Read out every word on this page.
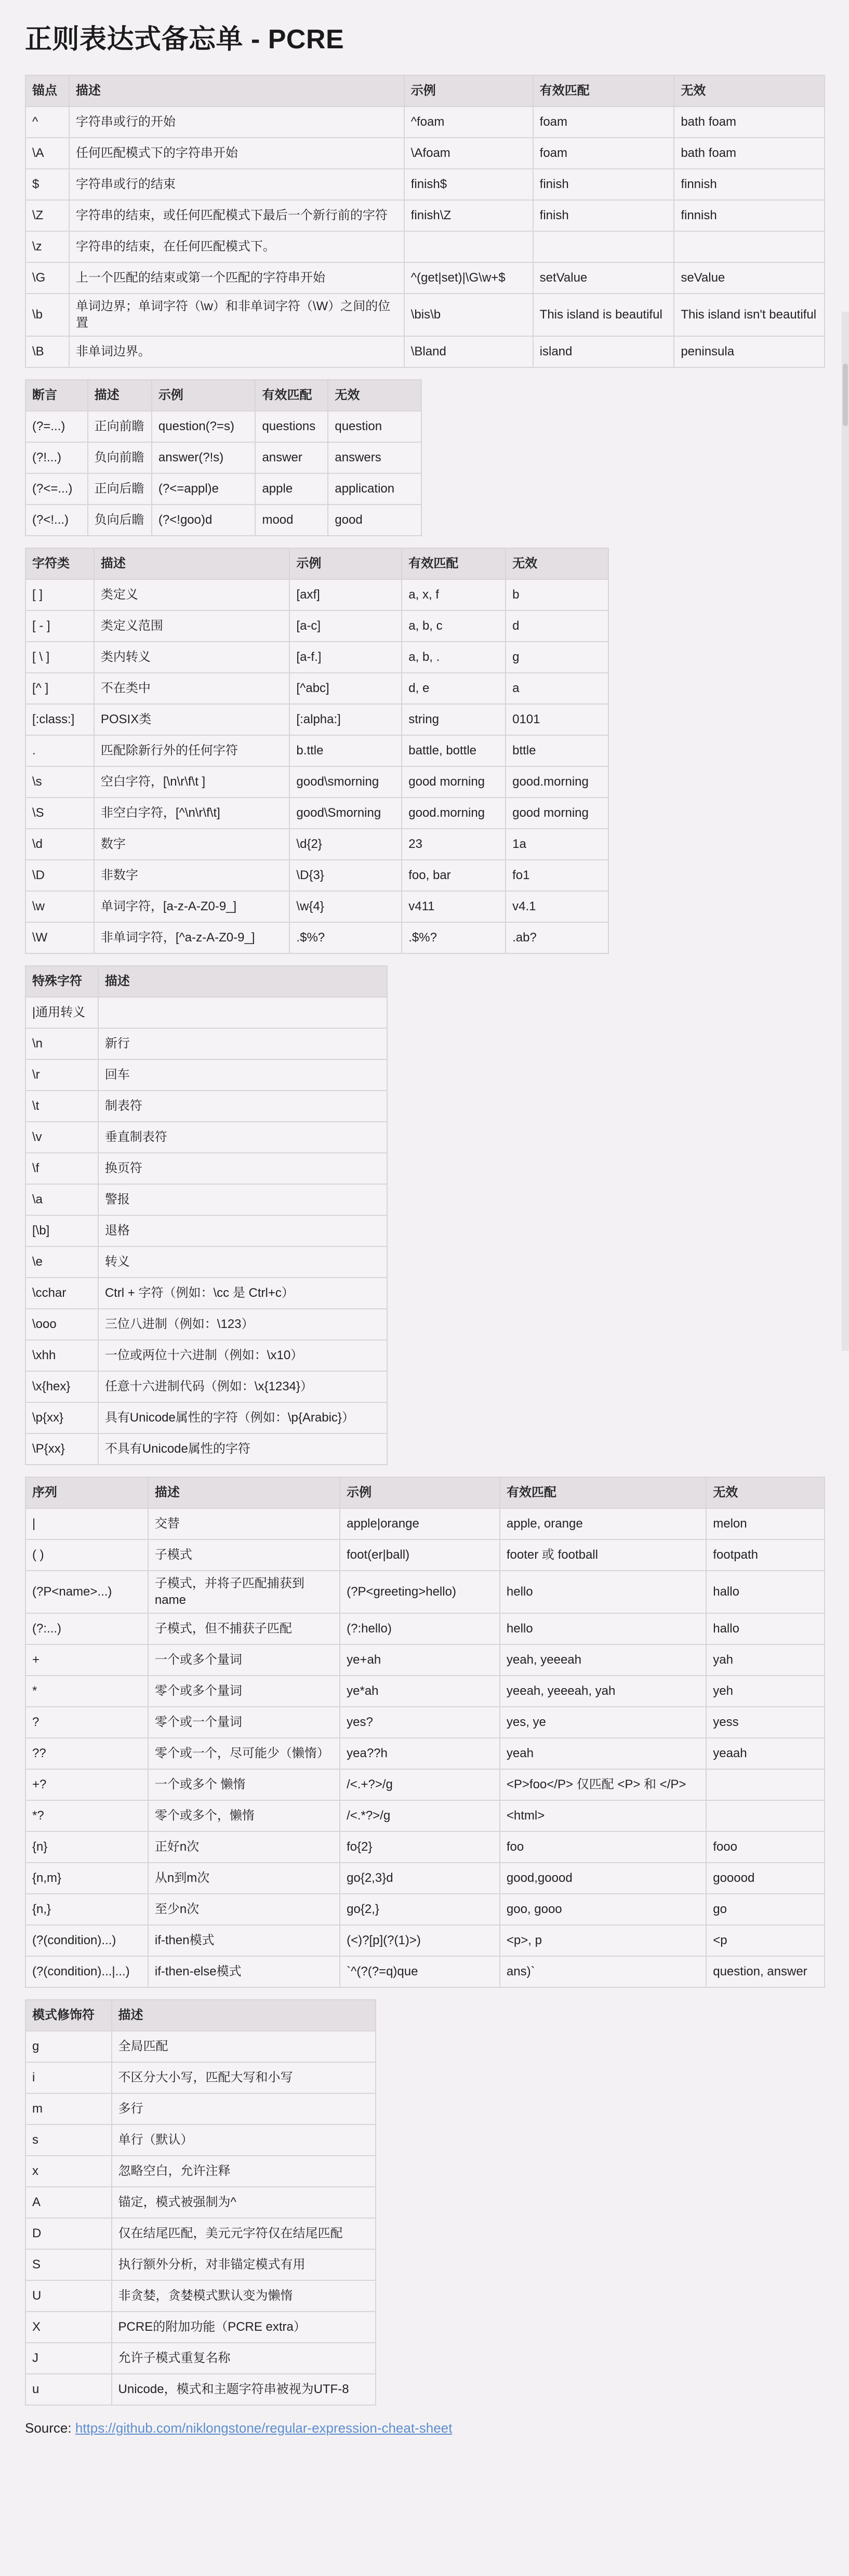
正则表达式备忘单 - PCRE
锚点	描述	示例	有效匹配	无效
^	字符串或行的开始	^foam	foam	bath foam
\A	任何匹配模式下的字符串开始	\Afoam	foam	bath foam
$	字符串或行的结束	finish$	finish	finnish
\Z	字符串的结束，或任何匹配模式下最后一个新行前的字符	finish\Z	finish	finnish
\z	字符串的结束，在任何匹配模式下。			
\G	上一个匹配的结束或第一个匹配的字符串开始	^(get|set)|\G\w+$	setValue	seValue
\b	单词边界；单词字符（\w）和非单词字符（\W）之间的位置	\bis\b	This island is beautiful	This island isn't beautiful
\B	非单词边界。	\Bland	island	peninsula
断言	描述	示例	有效匹配	无效
(?=...)	正向前瞻	question(?=s)	questions	question
(?!...)	负向前瞻	answer(?!s)	answer	answers
(?<=...)	正向后瞻	(?<=appl)e	apple	application
(?<!...)	负向后瞻	(?<!goo)d	mood	good
字符类	描述	示例	有效匹配	无效
[ ]	类定义	[axf]	a, x, f	b
[ - ]	类定义范围	[a-c]	a, b, c	d
[ \ ]	类内转义	[a-f.]	a, b, .	g
[^ ]	不在类中	[^abc]	d, e	a
[:class:]	POSIX类	[:alpha:]	string	0101
.	匹配除新行外的任何字符	b.ttle	battle, bottle	bttle
\s	空白字符，[\n\r\f\t ]	good\smorning	good morning	good.morning
\S	非空白字符，[^\n\r\f\t]	good\Smorning	good.morning	good morning
\d	数字	\d{2}	23	1a
\D	非数字	\D{3}	foo, bar	fo1
\w	单词字符，[a-z-A-Z0-9_]	\w{4}	v411	v4.1
\W	非单词字符，[^a-z-A-Z0-9_]	.$%?	.$%?	.ab?
特殊字符	描述
|通用转义	
\n	新行
\r	回车
\t	制表符
\v	垂直制表符
\f	换页符
\a	警报
[\b]	退格
\e	转义
\cchar	Ctrl + 字符（例如：\cc 是 Ctrl+c）
\ooo	三位八进制（例如：\123）
\xhh	一位或两位十六进制（例如：\x10）
\x{hex}	任意十六进制代码（例如：\x{1234}）
\p{xx}	具有Unicode属性的字符（例如：\p{Arabic}）
\P{xx}	不具有Unicode属性的字符
序列	描述	示例	有效匹配	无效
|	交替	apple|orange	apple, orange	melon
( )	子模式	foot(er|ball)	footer 或 football	footpath
(?P<name>...)	子模式，并将子匹配捕获到 name	(?P<greeting>hello)	hello	hallo
(?:...)	子模式，但不捕获子匹配	(?:hello)	hello	hallo
+	一个或多个量词	ye+ah	yeah, yeeeah	yah
*	零个或多个量词	ye*ah	yeeah, yeeeah, yah	yeh
?	零个或一个量词	yes?	yes, ye	yess
??	零个或一个，尽可能少（懒惰）	yea??h	yeah	yeaah
+?	一个或多个 懒惰	/<.+?>/g	<P>foo</P> 仅匹配 <P> 和 </P>	
*?	零个或多个，懒惰	/<.*?>/g	<html>	
{n}	正好n次	fo{2}	foo	fooo
{n,m}	从n到m次	go{2,3}d	good,goood	gooood
{n,}	至少n次	go{2,}	goo, gooo	go
(?(condition)...)	if-then模式	(<)?[p](?(1)>)	<p>, p	<p
(?(condition)...|...)	if-then-else模式	`^(?(?=q)que	ans)`	question, answer
模式修饰符	描述
g	全局匹配
i	不区分大小写，匹配大写和小写
m	多行
s	单行（默认）
x	忽略空白，允许注释
A	锚定，模式被强制为^
D	仅在结尾匹配，美元元字符仅在结尾匹配
S	执行额外分析，对非锚定模式有用
U	非贪婪，贪婪模式默认变为懒惰
X	PCRE的附加功能（PCRE extra）
J	允许子模式重复名称
u	Unicode，模式和主题字符串被视为UTF-8
Source: https://github.com/niklongstone/regular-expression-cheat-sheet
